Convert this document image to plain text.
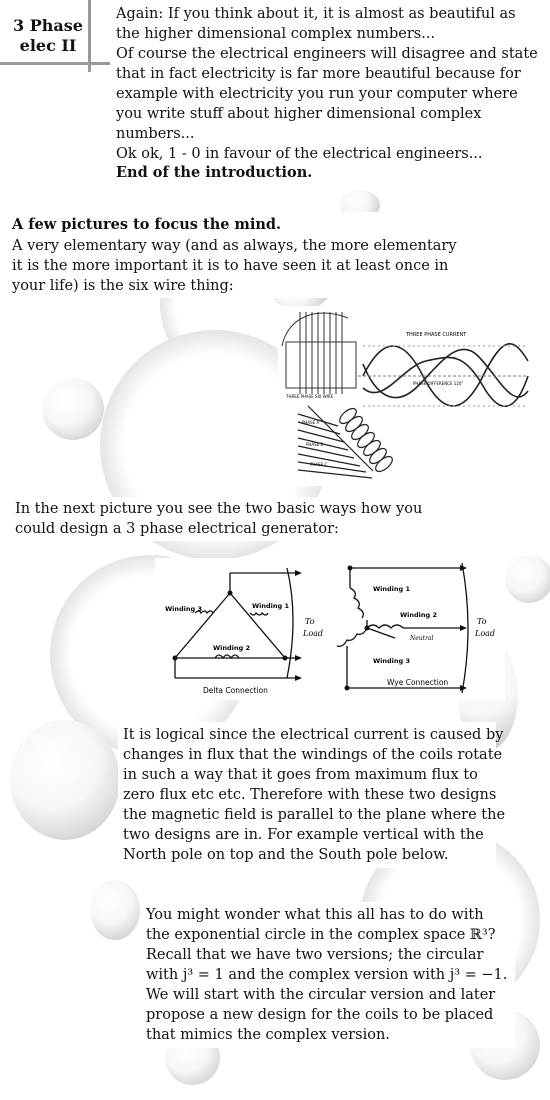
3 Phase
elec II
Again: If you think about it, it is almost as beautiful as
the higher dimensional complex numbers...
Of course the electrical engineers will disagree and state
that in fact electricity is far more beautiful because for
example with electricity you run your computer where
you write stuff about higher dimensional complex numbers...
Ok ok, 1 - 0 in favour of the electrical engineers...
End of the introduction.
A few pictures to focus the mind.
A very elementary way (and as always, the more elementary
it is the more important it is to have seen it at least once in
your life) is the six wire thing:
THREE PHASE CURRENT
PHASE DIFFERENCE 120°
THREE PHASE SIX WIRE
PHASE A
PHASE B
PHASE C
In the next picture you see the two basic ways how you
could design a 3 phase electrical generator:
Winding 1
Winding 3
Winding 2
Delta Connection
To
Load
Winding 1
Winding 2
Neutral
Winding 3
Wye Connection
To
Load
It is logical since the electrical current is caused by
changes in flux that the windings of the coils rotate
in such a way that it goes from maximum flux to
zero flux etc etc. Therefore with these two designs
the magnetic field is parallel to the plane where the
two designs are in. For example vertical with the
North pole on top and the South pole below.
You might wonder what this all has to do with
the exponential circle in the complex space ℝ³?
Recall that we have two versions; the circular
with j³ = 1 and the complex version with j³ = −1.
We will start with the circular version and later
propose a new design for the coils to be placed
that mimics the complex version.
